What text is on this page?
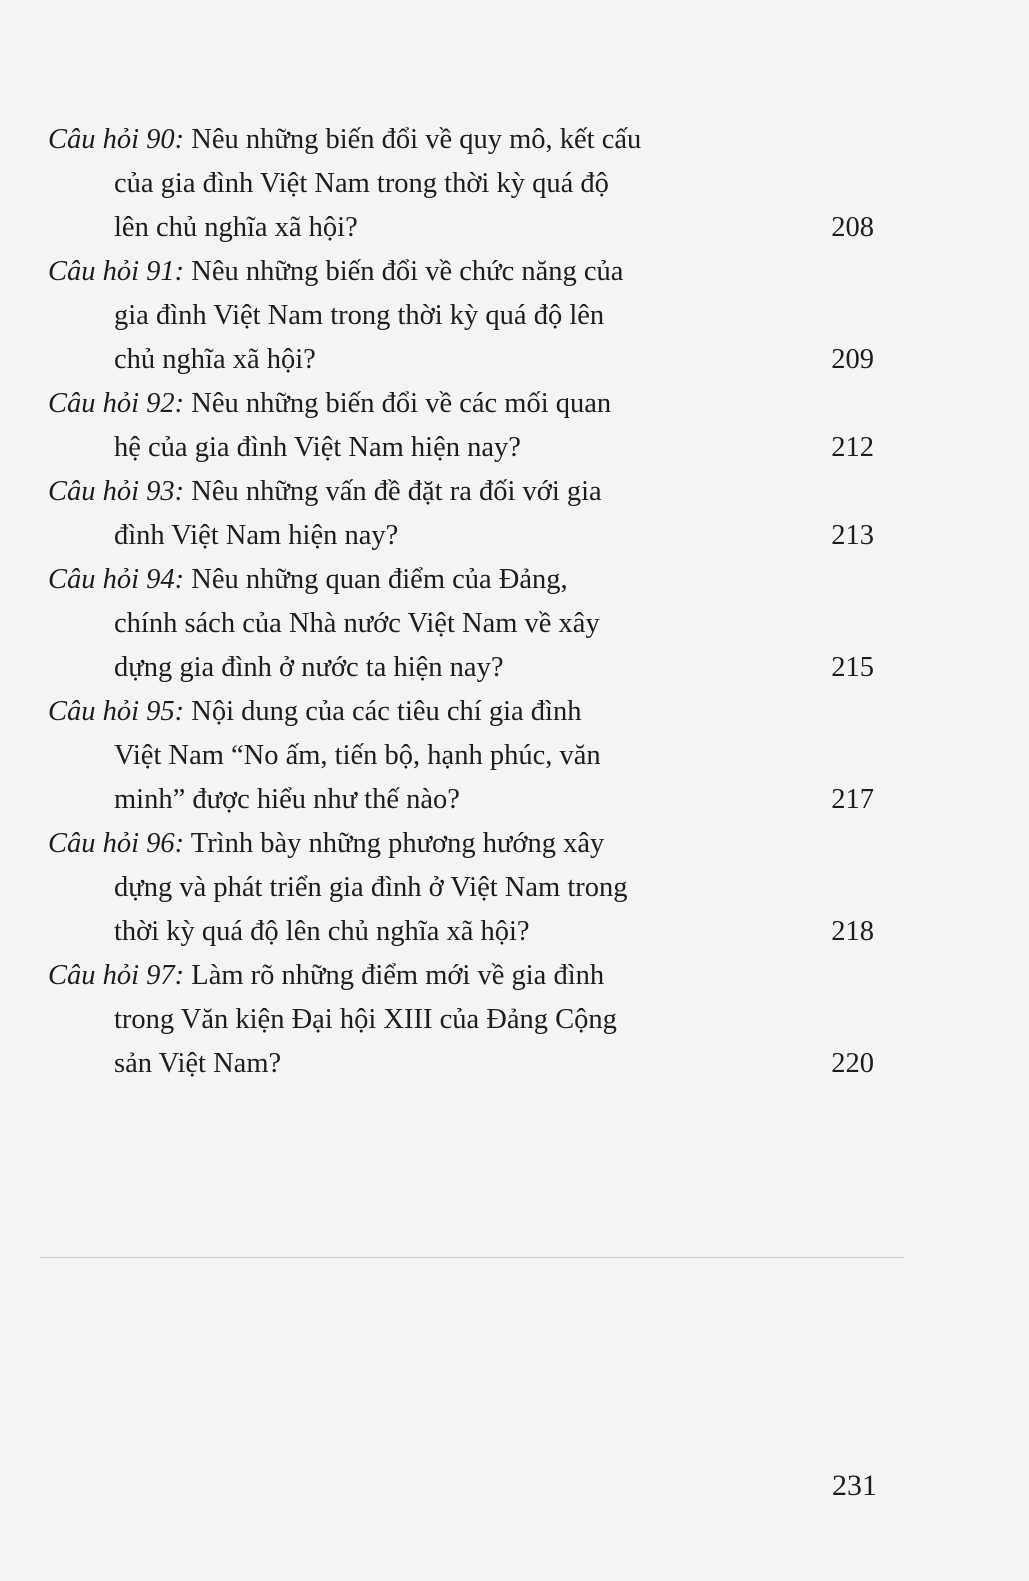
Câu hỏi 90: Nêu những biến đổi về quy mô, kết cấu
của gia đình Việt Nam trong thời kỳ quá độ
lên chủ nghĩa xã hội?	208
Câu hỏi 91: Nêu những biến đổi về chức năng của
gia đình Việt Nam trong thời kỳ quá độ lên
chủ nghĩa xã hội?	209
Câu hỏi 92: Nêu những biến đổi về các mối quan
hệ của gia đình Việt Nam hiện nay?	212
Câu hỏi 93: Nêu những vấn đề đặt ra đối với gia
đình Việt Nam hiện nay?	213
Câu hỏi 94: Nêu những quan điểm của Đảng,
chính sách của Nhà nước Việt Nam về xây
dựng gia đình ở nước ta hiện nay?	215
Câu hỏi 95: Nội dung của các tiêu chí gia đình
Việt Nam “No ấm, tiến bộ, hạnh phúc, văn
minh” được hiểu như thế nào?	217
Câu hỏi 96: Trình bày những phương hướng xây
dựng và phát triển gia đình ở Việt Nam trong
thời kỳ quá độ lên chủ nghĩa xã hội?	218
Câu hỏi 97: Làm rõ những điểm mới về gia đình
trong Văn kiện Đại hội XIII của Đảng Cộng
sản Việt Nam?	220
231
